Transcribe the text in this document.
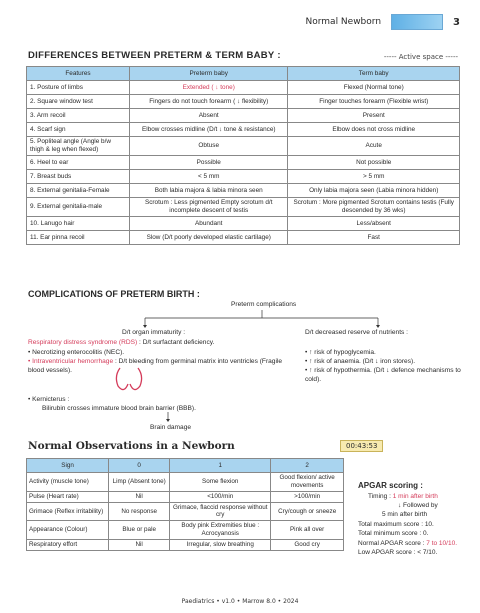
Normal Newborn	3
DIFFERENCES BETWEEN PRETERM & TERM BABY :	----- Active space -----
Features	Preterm baby	Term baby
1. Posture of limbs	Extended ( ↓ tone)	Flexed (Normal tone)
2. Square window test	Fingers do not touch forearm ( ↓ flexibility)	Finger touches forearm (Flexible wrist)
3. Arm recoil	Absent	Present
4. Scarf sign	Elbow crosses midline (D/t ↓ tone & resistance)	Elbow does not cross midline
5. Popliteal angle (Angle b/w thigh & leg when flexed)	Obtuse	Acute
6. Heel to ear	Possible	Not possible
7. Breast buds	< 5 mm	> 5 mm
8. External genitalia-Female	Both labia majora & labia minora seen	Only labia majora seen (Labia minora hidden)
9. External genitalia-male	Scrotum : Less pigmented Empty scrotum d/t incomplete descent of testis	Scrotum : More pigmented Scrotum contains testis (Fully descended by 36 wks)
10. Lanugo hair	Abundant	Less/absent
11. Ear pinna recoil	Slow (D/t poorly developed elastic cartilage)	Fast
COMPLICATIONS OF PRETERM BIRTH :
Preterm complications
D/t organ immaturity :
Respiratory distress syndrome (RDS) : D/t surfactant deficiency.
• Necrotizing enterocolitis (NEC).
• Intraventricular hemorrhage : D/t bleeding from germinal matrix into ventricles (Fragile blood vessels).
• Kernicterus :
Bilirubin crosses immature blood brain barrier (BBB).
Brain damage
D/t decreased reserve of nutrients :
• ↑ risk of hypoglycemia.
• ↑ risk of anaemia. (D/t ↓ iron stores).
• ↑ risk of hypothermia. (D/t ↓ defence mechanisms to cold).
Normal Observations in a Newborn	00:43:53
Sign	0	1	2
Activity (muscle tone)	Limp (Absent tone)	Some flexion	Good flexion/ active movements
Pulse (Heart rate)	Nil	<100/min	>100/min
Grimace (Reflex irritability)	No response	Grimace, flaccid response without cry	Cry/cough or sneeze
Appearance (Colour)	Blue or pale	Body pink Extremities blue : Acrocyanosis	Pink all over
Respiratory effort	Nil	Irregular, slow breathing	Good cry
APGAR scoring :
Timing : 1 min after birth
↓ Followed by
5 min after birth
Total maximum score : 10.
Total minimum score : 0.
Normal APGAR score : 7 to 10/10.
Low APGAR score : < 7/10.
Paediatrics • v1.0 • Marrow 8.0 • 2024
